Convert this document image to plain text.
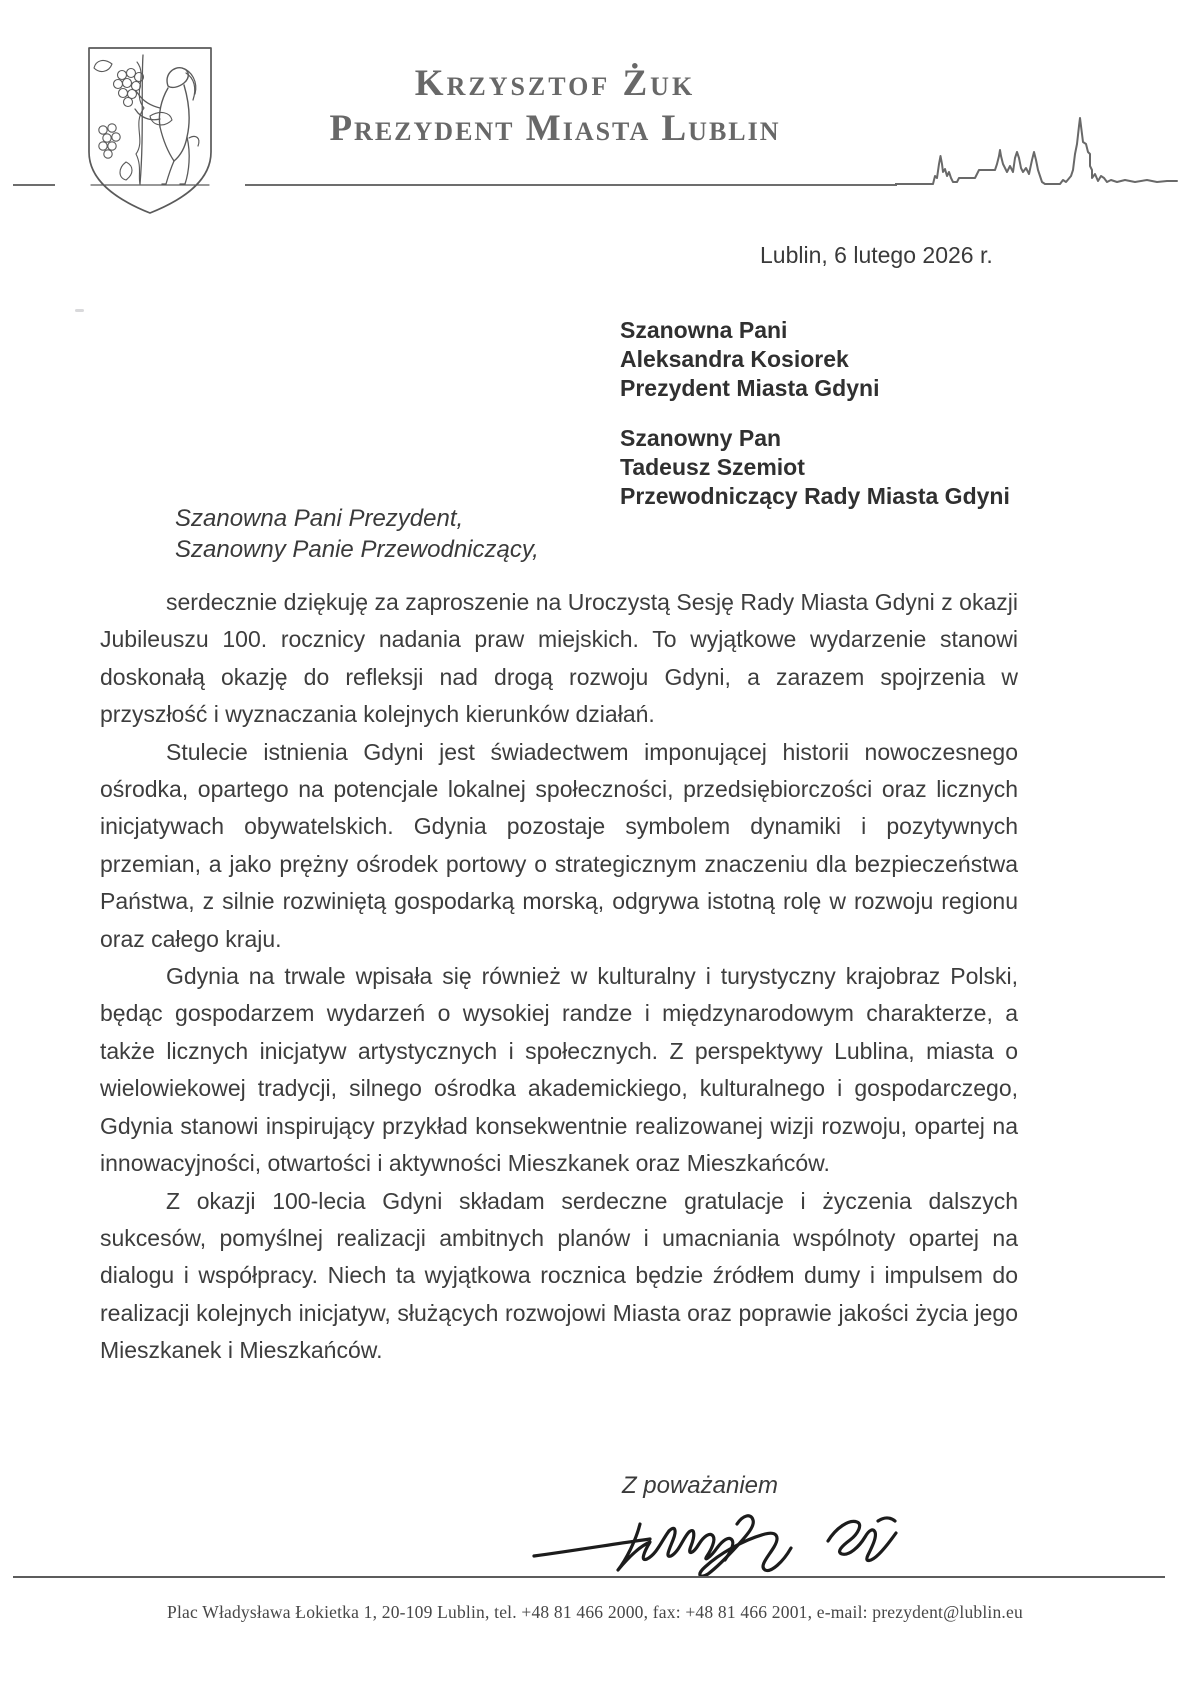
Krzysztof Żuk
Prezydent Miasta Lublin
Lublin, 6 lutego 2026 r.
Szanowna Pani
Aleksandra Kosiorek
Prezydent Miasta Gdyni
Szanowny Pan
Tadeusz Szemiot
Przewodniczący Rady Miasta Gdyni
Szanowna Pani Prezydent,
Szanowny Panie Przewodniczący,

serdecznie dziękuję za zaproszenie na Uroczystą Sesję Rady Miasta Gdyni z okazji Jubileuszu 100. rocznicy nadania praw miejskich. To wyjątkowe wydarzenie stanowi doskonałą okazję do refleksji nad drogą rozwoju Gdyni, a zarazem spojrzenia w przyszłość i wyznaczania kolejnych kierunków działań.

Stulecie istnienia Gdyni jest świadectwem imponującej historii nowoczesnego ośrodka, opartego na potencjale lokalnej społeczności, przedsiębiorczości oraz licznych inicjatywach obywatelskich. Gdynia pozostaje symbolem dynamiki i pozytywnych przemian, a jako prężny ośrodek portowy o strategicznym znaczeniu dla bezpieczeństwa Państwa, z silnie rozwiniętą gospodarką morską, odgrywa istotną rolę w rozwoju regionu oraz całego kraju.

Gdynia na trwale wpisała się również w kulturalny i turystyczny krajobraz Polski, będąc gospodarzem wydarzeń o wysokiej randze i międzynarodowym charakterze, a także licznych inicjatyw artystycznych i społecznych. Z perspektywy Lublina, miasta o wielowiekowej tradycji, silnego ośrodka akademickiego, kulturalnego i gospodarczego, Gdynia stanowi inspirujący przykład konsekwentnie realizowanej wizji rozwoju, opartej na innowacyjności, otwartości i aktywności Mieszkanek oraz Mieszkańców.

Z okazji 100-lecia Gdyni składam serdeczne gratulacje i życzenia dalszych sukcesów, pomyślnej realizacji ambitnych planów i umacniania wspólnoty opartej na dialogu i współpracy. Niech ta wyjątkowa rocznica będzie źródłem dumy i impulsem do realizacji kolejnych inicjatyw, służących rozwojowi Miasta oraz poprawie jakości życia jego Mieszkanek i Mieszkańców.

Z poważaniem
Plac Władysława Łokietka 1, 20-109 Lublin, tel. +48 81 466 2000, fax: +48 81 466 2001, e-mail: prezydent@lublin.eu
